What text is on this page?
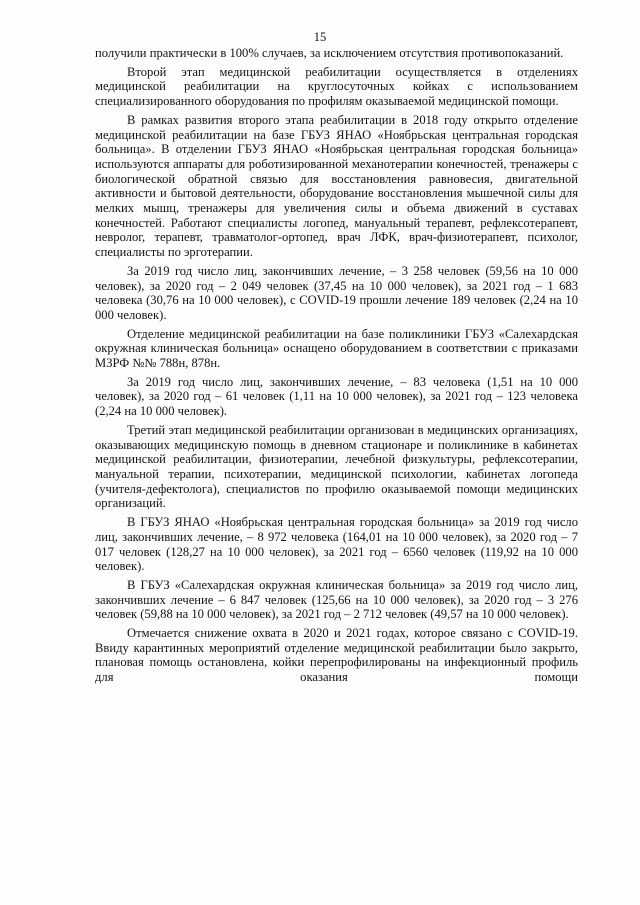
15

получили практически в 100% случаев, за исключением отсутствия противопоказаний.

Второй этап медицинской реабилитации осуществляется в отделениях медицинской реабилитации на круглосуточных койках с использованием специализированного оборудования по профилям оказываемой медицинской помощи.

В рамках развития второго этапа реабилитации в 2018 году открыто отделение медицинской реабилитации на базе ГБУЗ ЯНАО «Ноябрьская центральная городская больница». В отделении ГБУЗ ЯНАО «Ноябрьская центральная городская больница» используются аппараты для роботизированной механотерапии конечностей, тренажеры с биологической обратной связью для восстановления равновесия, двигательной активности и бытовой деятельности, оборудование восстановления мышечной силы для мелких мышц, тренажеры для увеличения силы и объема движений в суставах конечностей. Работают специалисты логопед, мануальный терапевт, рефлексотерапевт, невролог, терапевт, травматолог-ортопед, врач ЛФК, врач-физиотерапевт, психолог, специалисты по эрготерапии.

За 2019 год число лиц, закончивших лечение, – 3 258 человек (59,56 на 10 000 человек), за 2020 год – 2 049 человек (37,45 на 10 000 человек), за 2021 год – 1 683 человека (30,76 на 10 000 человек), с COVID-19 прошли лечение 189 человек (2,24 на 10 000 человек).

Отделение медицинской реабилитации на базе поликлиники ГБУЗ «Салехардская окружная клиническая больница» оснащено оборудованием в соответствии с приказами МЗРФ №№ 788н, 878н.

За 2019 год число лиц, закончивших лечение, – 83 человека (1,51 на 10 000 человек), за 2020 год – 61 человек (1,11 на 10 000 человек), за 2021 год – 123 человека (2,24 на 10 000 человек).

Третий этап медицинской реабилитации организован в медицинских организациях, оказывающих медицинскую помощь в дневном стационаре и поликлинике в кабинетах медицинской реабилитации, физиотерапии, лечебной физкультуры, рефлексотерапии, мануальной терапии, психотерапии, медицинской психологии, кабинетах логопеда (учителя-дефектолога), специалистов по профилю оказываемой помощи медицинских организаций.

В ГБУЗ ЯНАО «Ноябрьская центральная городская больница» за 2019 год число лиц, закончивших лечение, – 8 972 человека (164,01 на 10 000 человек), за 2020 год – 7 017 человек (128,27 на 10 000 человек), за 2021 год – 6560 человек (119,92 на 10 000 человек).

В ГБУЗ «Салехардская окружная клиническая больница» за 2019 год число лиц, закончивших лечение – 6 847 человек (125,66 на 10 000 человек), за 2020 год – 3 276 человек (59,88 на 10 000 человек), за 2021 год – 2 712 человек (49,57 на 10 000 человек).

Отмечается снижение охвата в 2020 и 2021 годах, которое связано с COVID-19. Ввиду карантинных мероприятий отделение медицинской реабилитации было закрыто, плановая помощь остановлена, койки перепрофилированы на инфекционный профиль для оказания помощи
